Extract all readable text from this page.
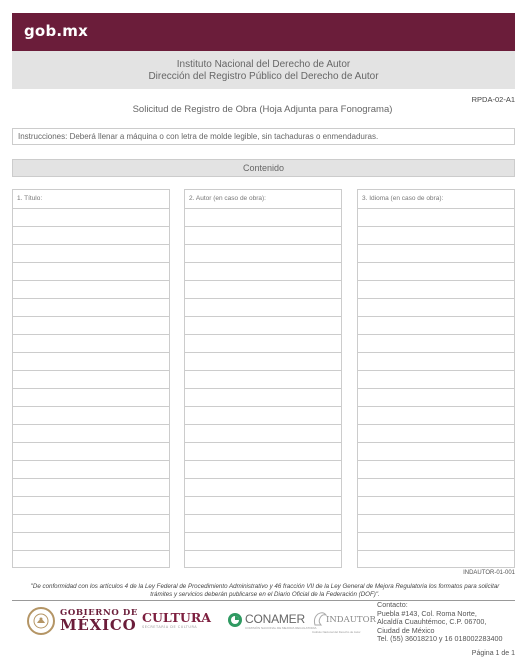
gob.mx
Instituto Nacional del Derecho de Autor
Dirección del Registro Público del Derecho de Autor
RPDA-02-A1
Solicitud de Registro de Obra (Hoja Adjunta para Fonograma)
Instrucciones: Deberá llenar a máquina o con letra de molde legible, sin tachaduras o enmendaduras.
Contenido
1. Título:	2. Autor (en caso de obra):	3. Idioma (en caso de obra):
INDAUTOR-01-001
"De conformidad con los artículos 4 de la Ley Federal de Procedimiento Administrativo y 46 fracción VII de la Ley General de Mejora Regulatoria los formatos para solicitar trámites y servicios deberán publicarse en el Diario Oficial de la Federación (DOF)".
GOBIERNO DE
MÉXICO CULTURA
SECRETARÍA DE CULTURA
CONAMER
COMISIÓN NACIONAL DE MEJORA REGULATORIA
INDAUTOR
Instituto Nacional del Derecho de Autor
Contacto:
Puebla #143, Col. Roma Norte,
Alcaldía Cuauhtémoc, C.P. 06700,
Ciudad de México
Tel. (55) 36018210 y 16 018002283400
Página 1 de 1
